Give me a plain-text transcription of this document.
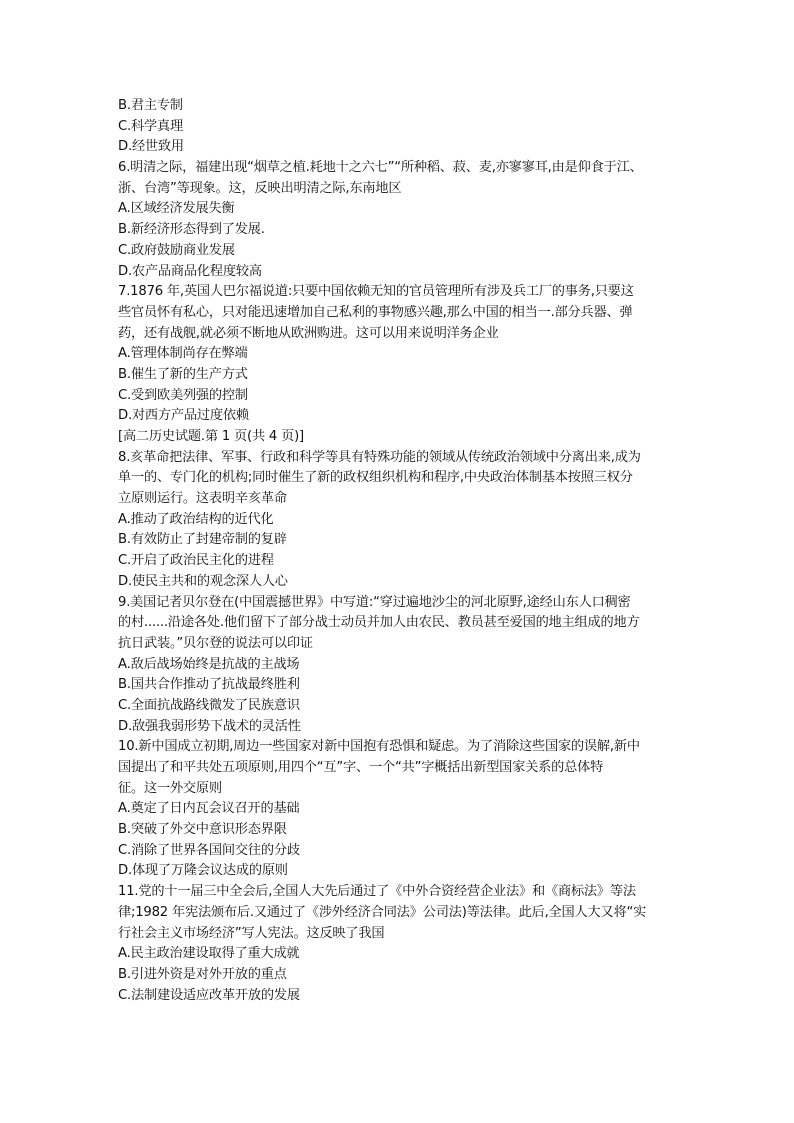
B.君主专制
C.科学真理
D.经世致用
6.明清之际，福建出现“烟草之植.耗地十之六七”“所种稻、菽、麦,亦寥寥耳,由是仰食于江、
浙、台湾”等现象。这，反映出明清之际,东南地区
A.区域经济发展失衡
B.新经济形态得到了发展.
C.政府鼓励商业发展
D.农产品商品化程度较高
7.1876 年,英国人巴尔福说道:只要中国依赖无知的官员管理所有涉及兵工厂的事务,只要这
些官员怀有私心，只对能迅速增加自己私利的事物感兴趣,那么中国的相当一.部分兵器、弹
药，还有战舰,就必须不断地从欧洲购进。这可以用来说明洋务企业
A.管理体制尚存在弊端
B.催生了新的生产方式
C.受到欧美列强的控制
D.对西方产品过度依赖
[高二历史试题.第 1 页(共 4 页)]
8.亥革命把法律、军事、行政和科学等具有特殊功能的领域从传统政治领域中分离出来,成为
单一的、专门化的机构;同时催生了新的政权组织机构和程序,中央政治体制基本按照三权分
立原则运行。这表明辛亥革命
A.推动了政治结构的近代化
B.有效防止了封建帝制的复辟
C.开启了政治民主化的进程
D.使民主共和的观念深人人心
9.美国记者贝尔登在(中国震撼世界》中写道:“穿过遍地沙尘的河北原野,途经山东人口稠密
的村......沿途各处.他们留下了部分战士动员并加人由农民、教员甚至爱国的地主组成的地方
抗日武装。”贝尔登的说法可以印证
A.敌后战场始终是抗战的主战场
B.国共合作推动了抗战最终胜利
C.全面抗战路线微发了民族意识
D.敌强我弱形势下战术的灵活性
10.新中国成立初期,周边一些国家对新中国抱有恐惧和疑虑。为了消除这些国家的误解,新中
国提出了和平共处五项原则,用四个“互”字、一个“共”字概括出新型国家关系的总体特
征。这一外交原则
A.奠定了日内瓦会议召开的基础
B.突破了外交中意识形态界限
C.消除了世界各国间交往的分歧
D.体现了万隆会议达成的原则
11.党的十一届三中全会后,全国人大先后通过了《中外合资经营企业法》和《商标法》等法
律;1982 年宪法颁布后.又通过了《涉外经济合同法》公司法)等法律。此后,全国人大又将“实
行社会主义市场经济”写人宪法。这反映了我国
A.民主政治建设取得了重大成就
B.引进外资是对外开放的重点
C.法制建设适应改革开放的发展
